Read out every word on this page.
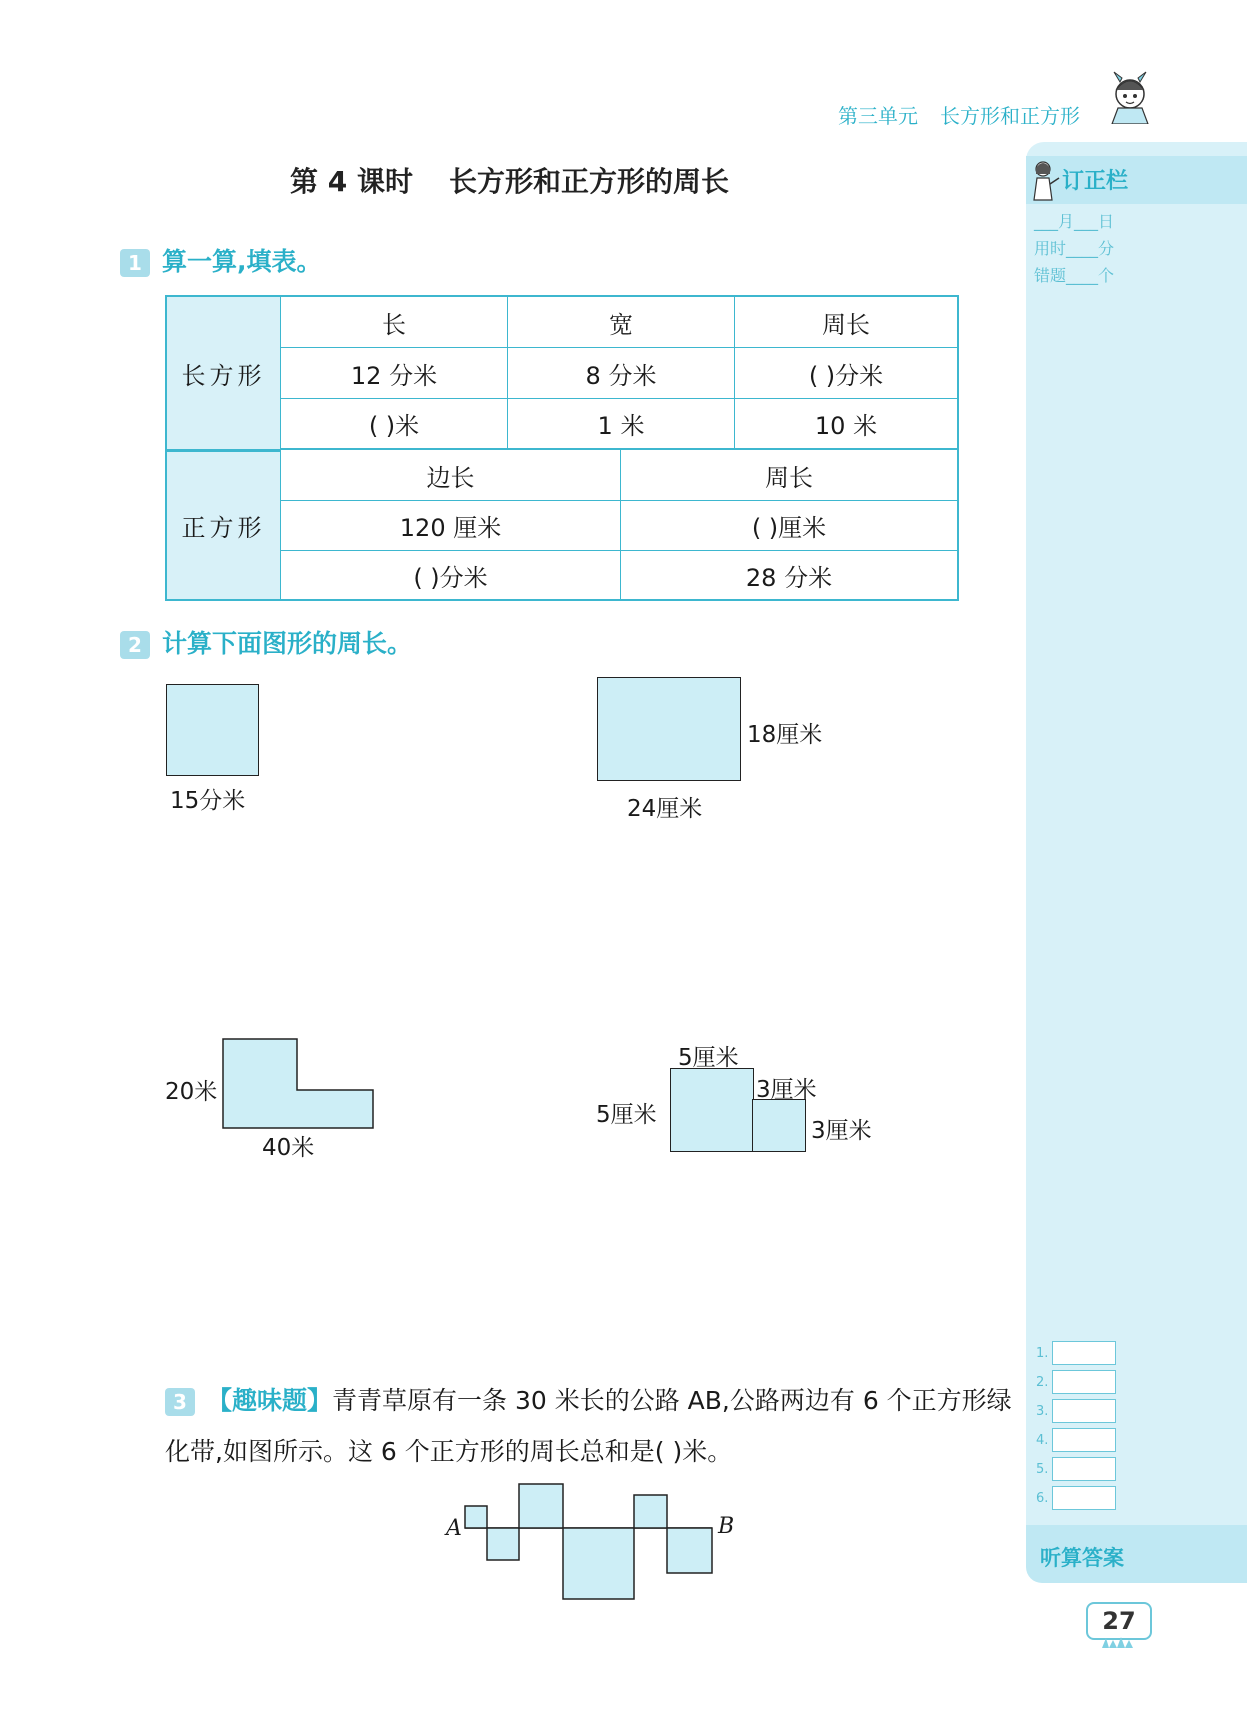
第三单元 长方形和正方形
第 4 课时 长方形和正方形的周长	订正栏
___月___日
用时____分
错题____个
1.
2.
3.
4.
5.
6.
听算答案
27
1 算一算,填表。
长方形
长	宽	周长
12 分米	8 分米	( )分米
( )米	1 米	10 米
正方形
边长	周长
120 厘米	( )厘米
( )分米	28 分米
2 计算下面图形的周长。
15分米
18厘米
24厘米
20米
40米
5厘米
5厘米
3厘米
3厘米
3 【趣味题】青青草原有一条 30 米长的公路 AB,公路两边有 6 个正方形绿化带,如图所示。这 6 个正方形的周长总和是( )米。
A	B
